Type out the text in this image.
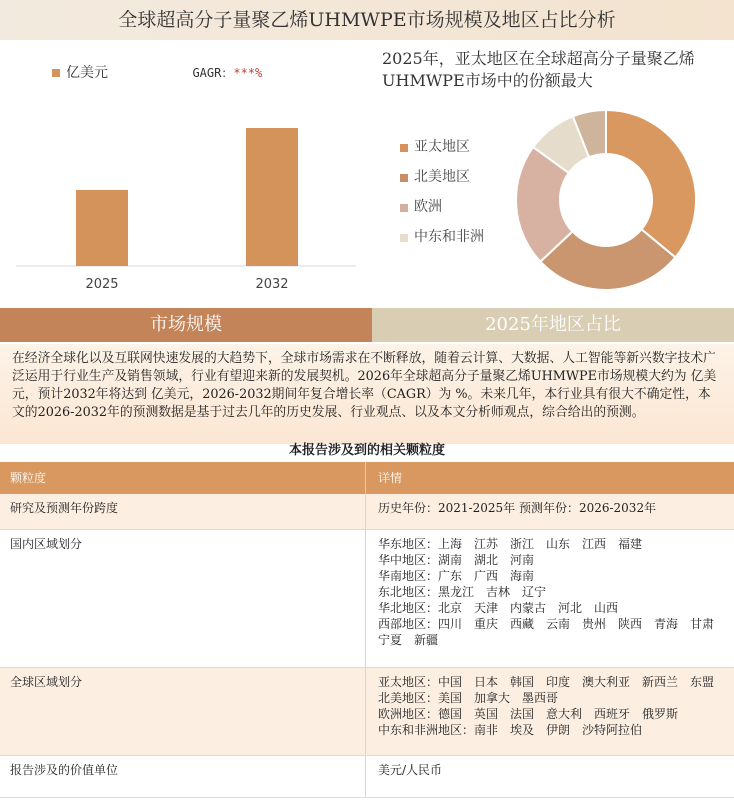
全球超高分子量聚乙烯UHMWPE市场规模及地区占比分析
2025	2032
亿美元	GAGR：***%
2025年，亚太地区在全球超高分子量聚乙烯UHMWPE市场中的份额最大
亚太地区
北美地区
欧洲
中东和非洲
市场规模	2025年地区占比
在经济全球化以及互联网快速发展的大趋势下，全球市场需求在不断释放，随着云计算、大数据、人工智能等新兴数字技术广泛运用于行业生产及销售领域，行业有望迎来新的发展契机。2026年全球超高分子量聚乙烯UHMWPE市场规模大约为 亿美元，预计2032年将达到 亿美元，2026-2032期间年复合增长率（CAGR）为 %。未来几年，本行业具有很大不确定性，本文的2026-2032年的预测数据是基于过去几年的历史发展、行业观点、以及本文分析师观点，综合给出的预测。
本报告涉及到的相关颗粒度
颗粒度	详情
研究及预测年份跨度	历史年份：2021-2025年 预测年份：2026-2032年
国内区域划分	华东地区：上海　江苏　浙江　山东　江西　福建
华中地区：湖南　湖北　河南
华南地区：广东　广西　海南
东北地区：黑龙江　吉林　辽宁
华北地区：北京　天津　内蒙古　河北　山西
西部地区：四川　重庆　西藏　云南　贵州　陕西　青海　甘肃　宁夏　新疆
全球区域划分	亚太地区：中国　日本　韩国　印度　澳大利亚　新西兰　东盟
北美地区：美国　加拿大　墨西哥
欧洲地区：德国　英国　法国　意大利　西班牙　俄罗斯
中东和非洲地区：南非　埃及　伊朗　沙特阿拉伯
报告涉及的价值单位	美元/人民币
